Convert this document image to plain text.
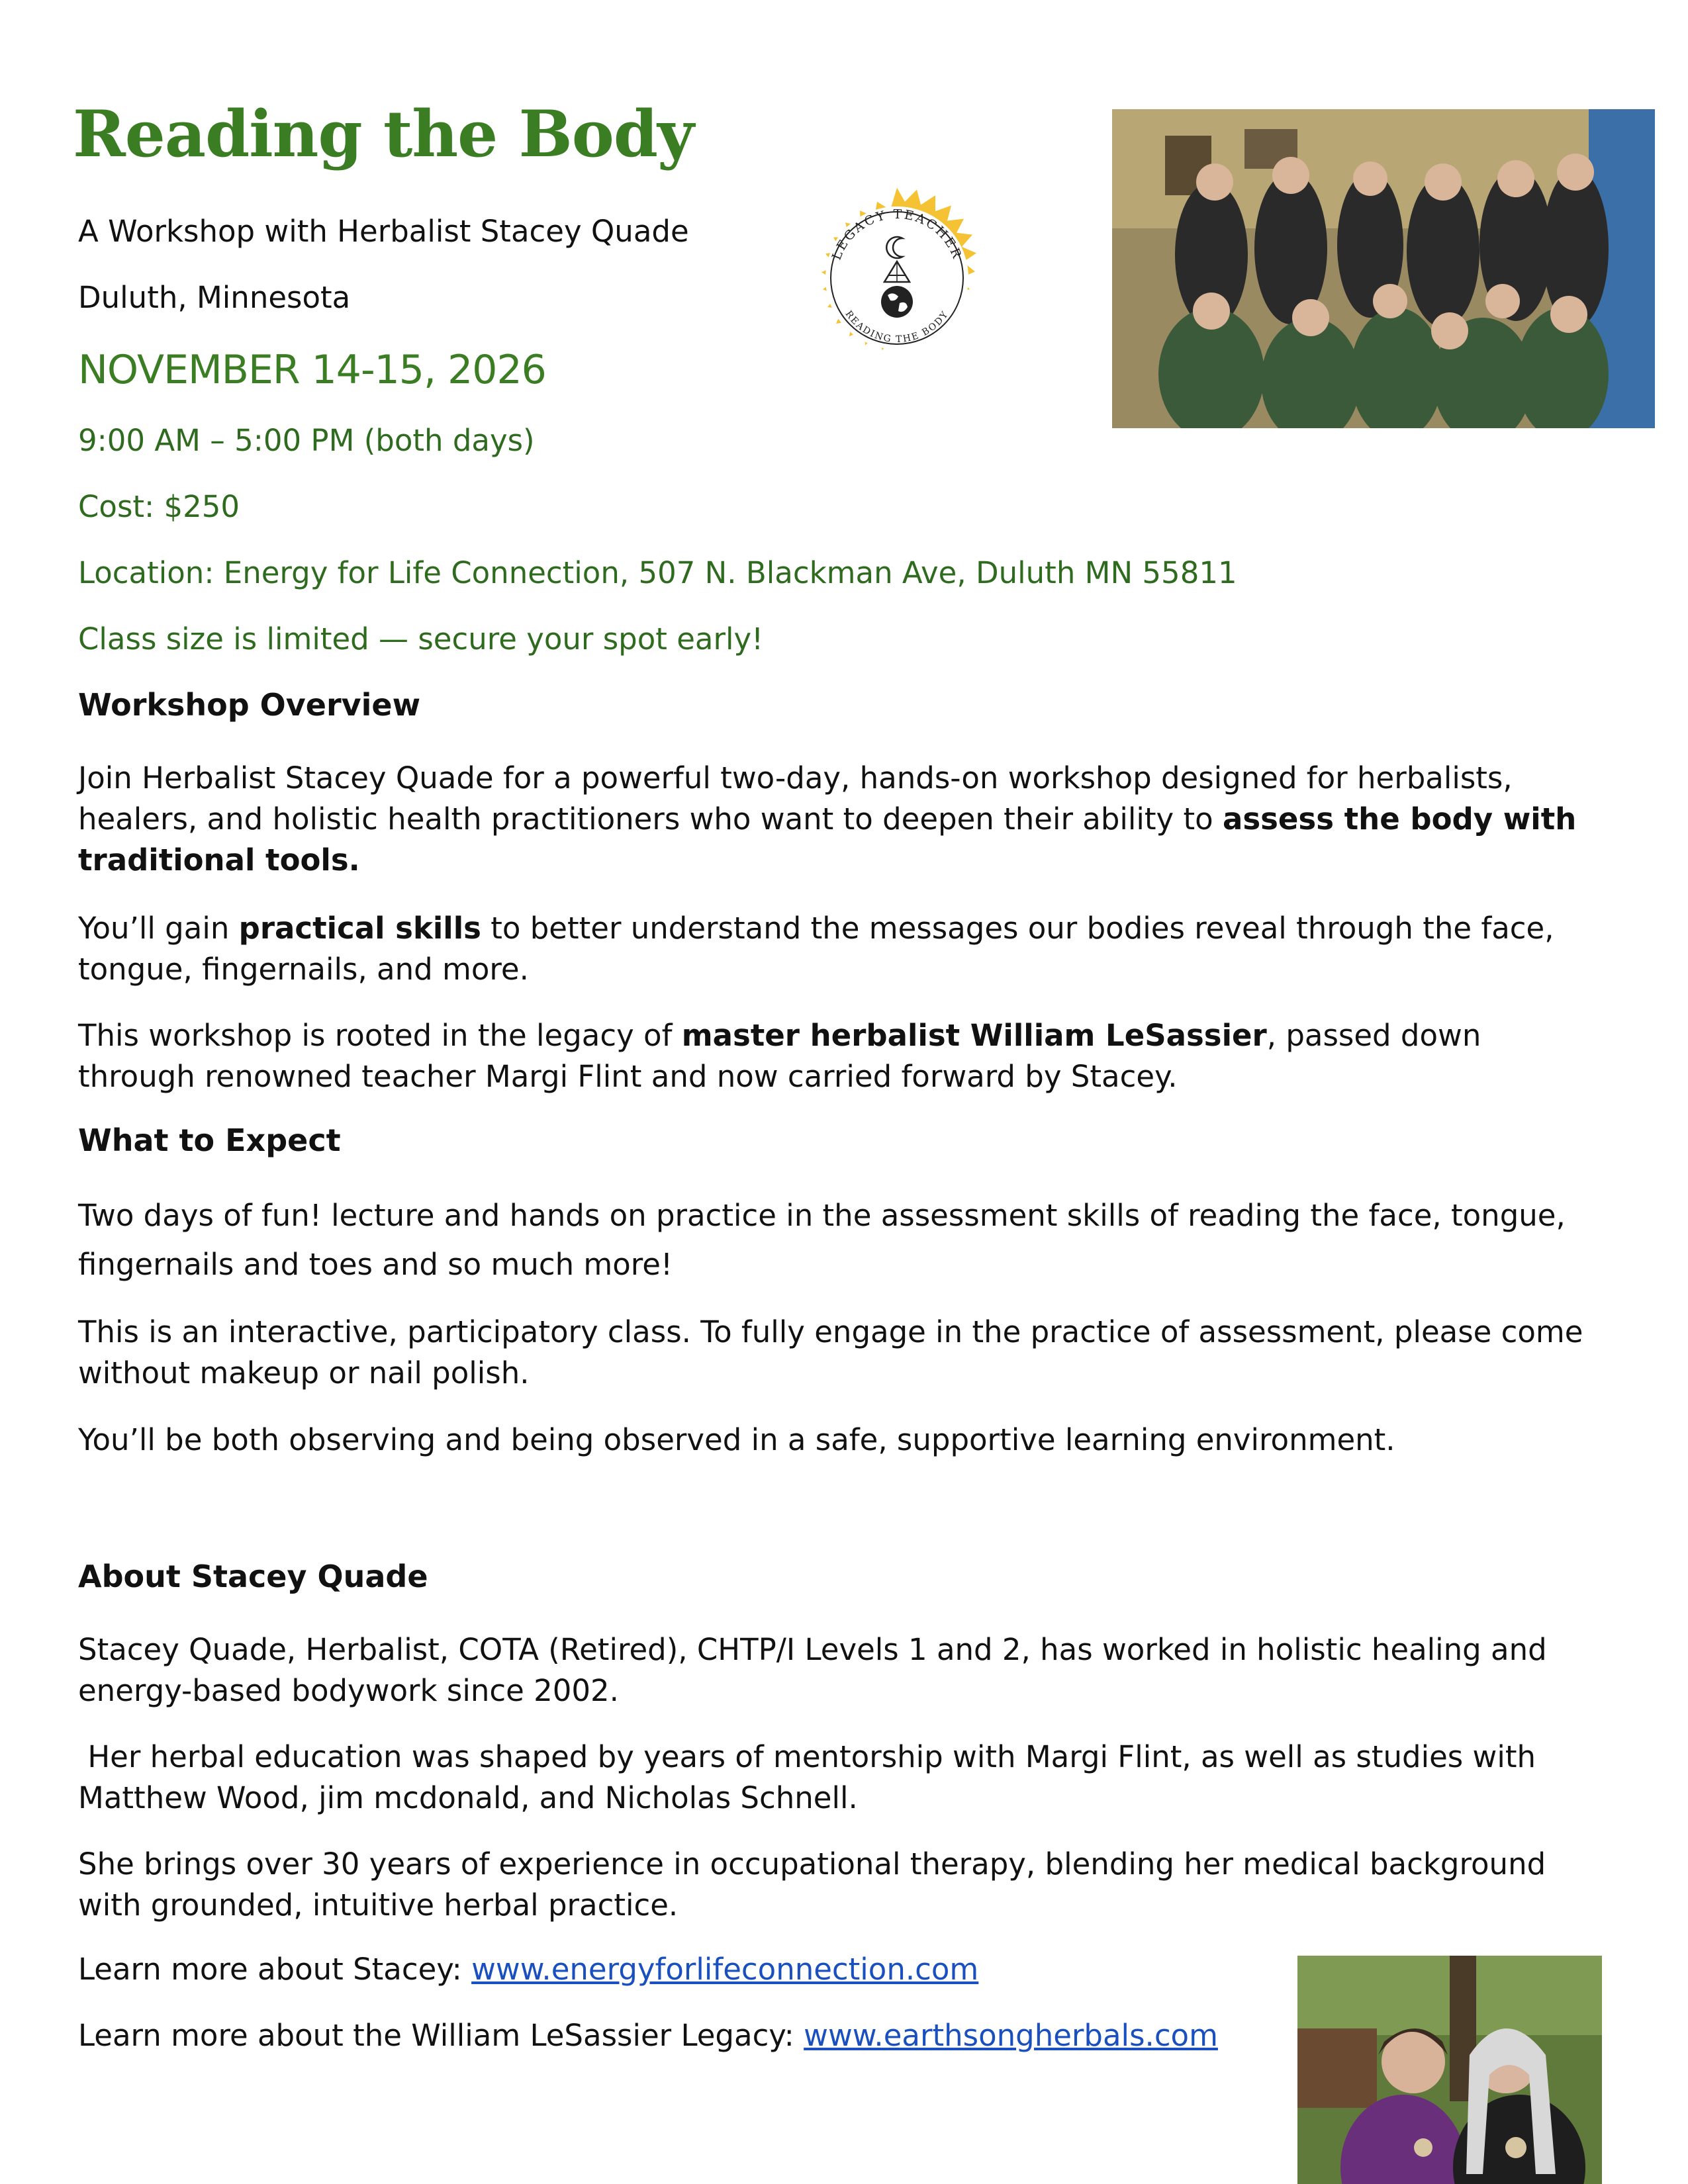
Reading the Body
A Workshop with Herbalist Stacey Quade
Duluth, Minnesota
NOVEMBER 14-15, 2026
9:00 AM – 5:00 PM (both days)
Cost: $250
Location: Energy for Life Connection, 507 N. Blackman Ave, Duluth MN 55811
Class size is limited — secure your spot early!
LEGACY TEACHER
READING THE BODY
Workshop Overview
Join Herbalist Stacey Quade for a powerful two-day, hands-on workshop designed for herbalists, healers, and holistic health practitioners who want to deepen their ability to assess the body with traditional tools.
You’ll gain practical skills to better understand the messages our bodies reveal through the face, tongue, fingernails, and more.
This workshop is rooted in the legacy of master herbalist William LeSassier, passed down through renowned teacher Margi Flint and now carried forward by Stacey.
What to Expect
Two days of fun! lecture and hands on practice in the assessment skills of reading the face, tongue, fingernails and toes and so much more!
This is an interactive, participatory class. To fully engage in the practice of assessment, please come without makeup or nail polish.
You’ll be both observing and being observed in a safe, supportive learning environment.
About Stacey Quade
Stacey Quade, Herbalist, COTA (Retired), CHTP/I Levels 1 and 2, has worked in holistic healing and energy-based bodywork since 2002.
Her herbal education was shaped by years of mentorship with Margi Flint, as well as studies with Matthew Wood, jim mcdonald, and Nicholas Schnell.
She brings over 30 years of experience in occupational therapy, blending her medical background with grounded, intuitive herbal practice.
Learn more about Stacey: www.energyforlifeconnection.com
Learn more about the William LeSassier Legacy: www.earthsongherbals.com
